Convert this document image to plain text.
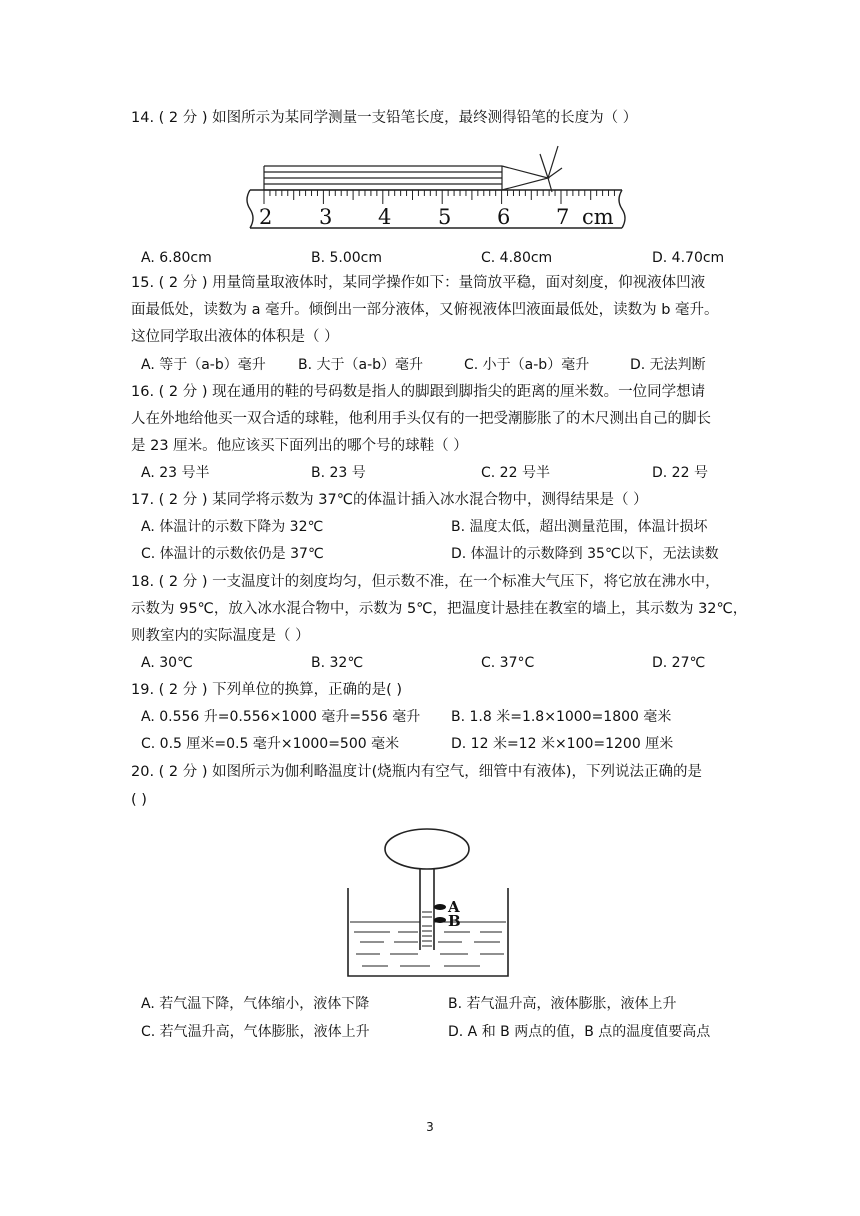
14. ( 2 分 ) 如图所示为某同学测量一支铅笔长度，最终测得铅笔的长度为（ ）
2 3 4 5 6 7 cm
A. 6.80cm	B. 5.00cm	C. 4.80cm	D. 4.70cm
15. ( 2 分 ) 用量筒量取液体时，某同学操作如下：量筒放平稳，面对刻度，仰视液体凹液
面最低处，读数为 a 毫升。倾倒出一部分液体，又俯视液体凹液面最低处，读数为 b 毫升。
这位同学取出液体的体积是（ ）
A. 等于（a-b）毫升 B. 大于（a-b）毫升	C. 小于（a-b）毫升	D. 无法判断
16. ( 2 分 ) 现在通用的鞋的号码数是指人的脚跟到脚指尖的距离的厘米数。一位同学想请
人在外地给他买一双合适的球鞋，他利用手头仅有的一把受潮膨胀了的木尺测出自己的脚长
是 23 厘米。他应该买下面列出的哪个号的球鞋（ ）
A. 23 号半	B. 23 号	C. 22 号半	D. 22 号
17. ( 2 分 ) 某同学将示数为 37℃的体温计插入冰水混合物中，测得结果是（ ）
A. 体温计的示数下降为 32℃	B. 温度太低，超出测量范围，体温计损坏
C. 体温计的示数依仍是 37℃	D. 体温计的示数降到 35℃以下，无法读数
18. ( 2 分 ) 一支温度计的刻度均匀，但示数不准，在一个标准大气压下，将它放在沸水中，
示数为 95℃，放入冰水混合物中，示数为 5℃，把温度计悬挂在教室的墙上，其示数为 32℃，
则教室内的实际温度是（ ）
A. 30℃	B. 32℃	C. 37°C	D. 27℃
19. ( 2 分 ) 下列单位的换算，正确的是( )
A. 0.556 升=0.556×1000 毫升=556 毫升 B. 1.8 米=1.8×1000=1800 毫米
C. 0.5 厘米=0.5 毫升×1000=500 毫米	D. 12 米=12 米×100=1200 厘米
20. ( 2 分 ) 如图所示为伽利略温度计(烧瓶内有空气，细管中有液体)，下列说法正确的是
( )
A
B
A. 若气温下降，气体缩小，液体下降	B. 若气温升高，液体膨胀，液体上升
C. 若气温升高，气体膨胀，液体上升	D. A 和 B 两点的值，B 点的温度值要高点
3
